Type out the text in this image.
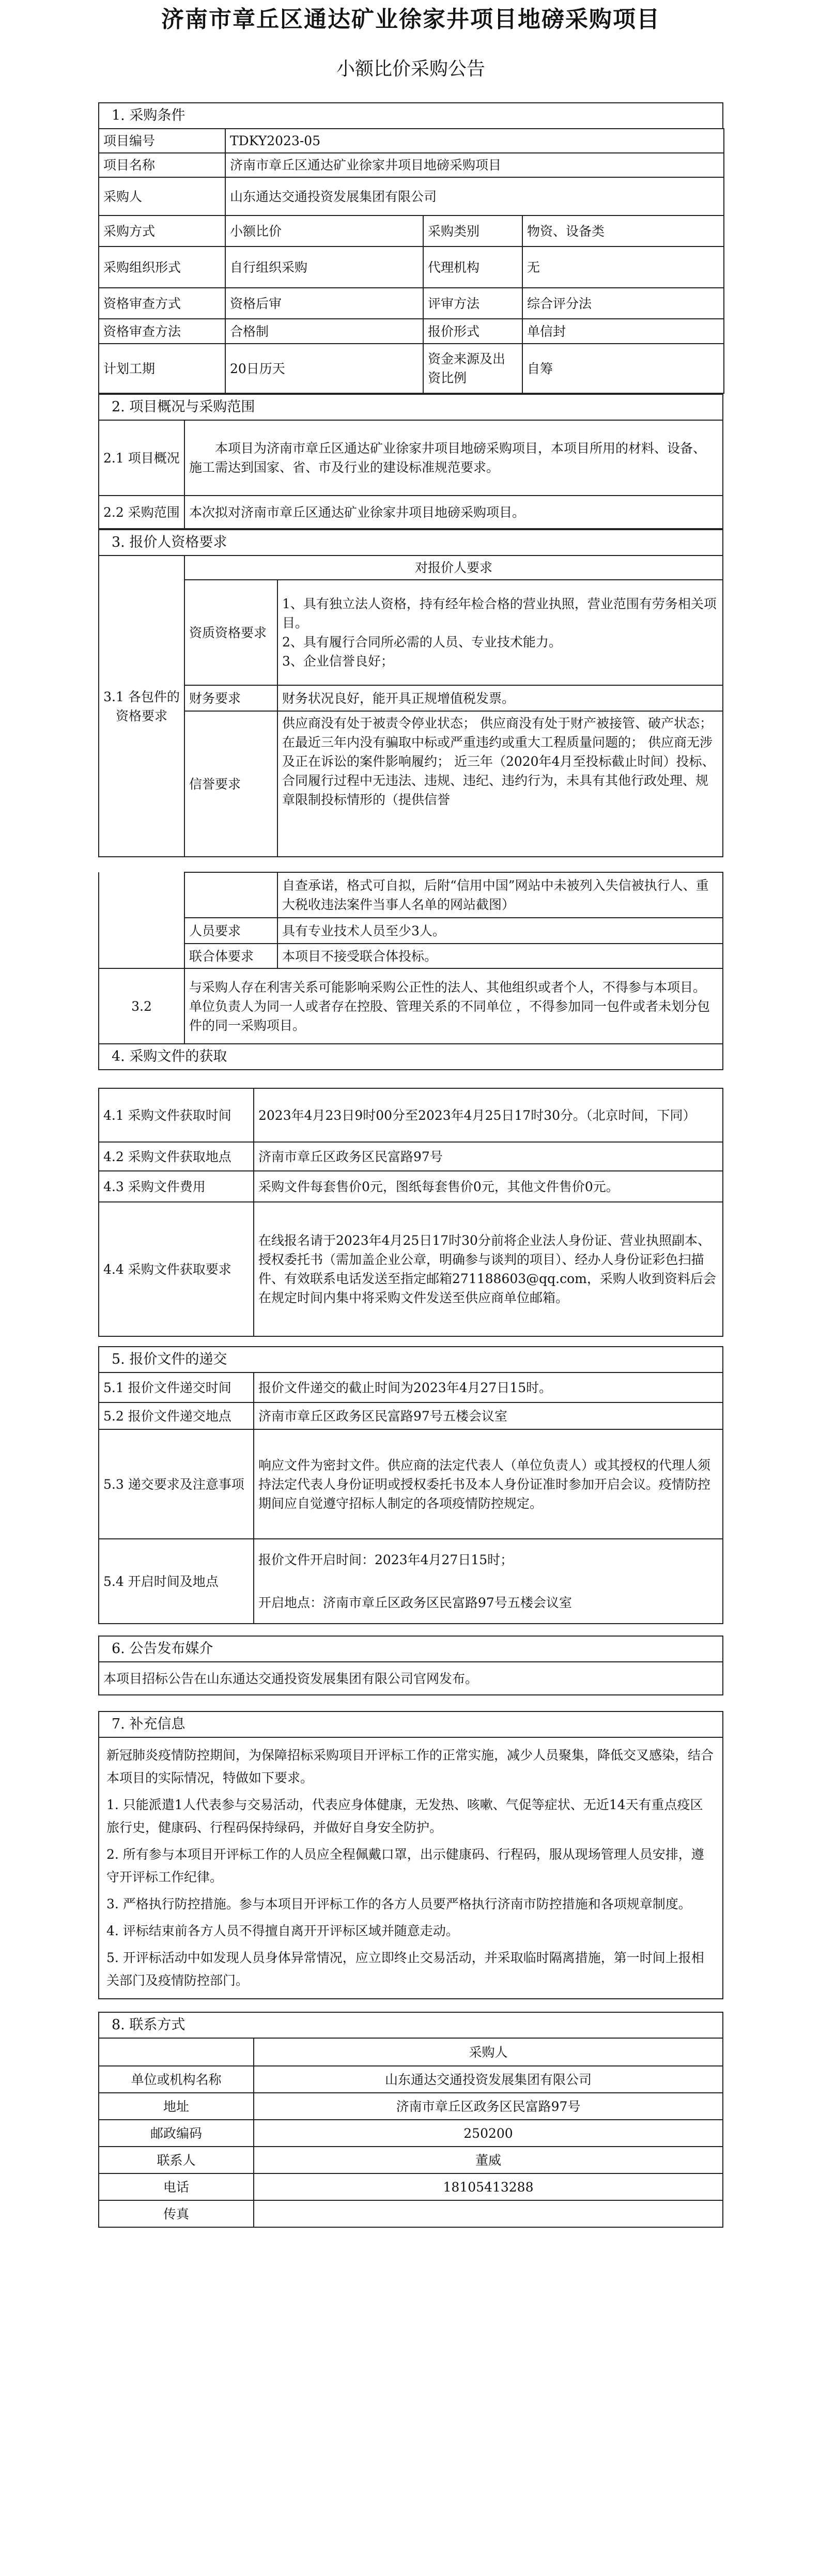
济南市章丘区通达矿业徐家井项目地磅采购项目
小额比价采购公告
1. 采购条件
项目编号	TDKY2023-05		
项目名称	济南市章丘区通达矿业徐家井项目地磅采购项目		
采购人	山东通达交通投资发展集团有限公司		
采购方式	小额比价	采购类别	物资、设备类
采购组织形式	自行组织采购	代理机构	无
资格审查方式	资格后审	评审方法	综合评分法
资格审查方法	合格制	报价形式	单信封
计划工期	20日历天	资金来源及出资比例	自筹
2. 项目概况与采购范围
2.1 项目概况	本项目为济南市章丘区通达矿业徐家井项目地磅采购项目，本项目所用的材料、设备、施工需达到国家、省、市及行业的建设标准规范要求。
2.2 采购范围	本次拟对济南市章丘区通达矿业徐家井项目地磅采购项目。
3. 报价人资格要求
3.1 各包件的资格要求	对报价人要求	
	资质资格要求	1、具有独立法人资格，持有经年检合格的营业执照，营业范围有劳务相关项目。
2、具有履行合同所必需的人员、专业技术能力。
3、企业信誉良好；

	财务要求	财务状况良好，能开具正规增值税发票。
	信誉要求	供应商没有处于被责令停业状态； 供应商没有处于财产被接管、破产状态； 在最近三年内没有骗取中标或严重违约或重大工程质量问题的； 供应商无涉及正在诉讼的案件影响履约； 近三年（2020年4月至投标截止时间）投标、合同履行过程中无违法、违规、违纪、违约行为，未具有其他行政处理、规章限制投标情形的（提供信誉
		自查承诺，格式可自拟，后附“信用中国”网站中未被列入失信被执行人、重大税收违法案件当事人名单的网站截图）
	人员要求	具有专业技术人员至少3人。
	联合体要求	本项目不接受联合体投标。
3.2	与采购人存在利害关系可能影响采购公正性的法人、其他组织或者个人，不得参与本项目。单位负责人为同一人或者存在控股、管理关系的不同单位 ，不得参加同一包件或者未划分包件的同一采购项目。	
4. 采购文件的获取
4.1 采购文件获取时间	2023年4月23日9时00分至2023年4月25日17时30分。（北京时间，下同）
4.2 采购文件获取地点	济南市章丘区政务区民富路97号
4.3 采购文件费用	采购文件每套售价0元，图纸每套售价0元，其他文件售价0元。
4.4 采购文件获取要求	在线报名请于2023年4月25日17时30分前将企业法人身份证、营业执照副本、授权委托书（需加盖企业公章，明确参与谈判的项目）、经办人身份证彩色扫描件、有效联系电话发送至指定邮箱271188603@qq.com，采购人收到资料后会在规定时间内集中将采购文件发送至供应商单位邮箱。
5. 报价文件的递交
5.1 报价文件递交时间	报价文件递交的截止时间为2023年4月27日15时。
5.2 报价文件递交地点	济南市章丘区政务区民富路97号五楼会议室
5.3 递交要求及注意事项	响应文件为密封文件。供应商的法定代表人（单位负责人）或其授权的代理人须持法定代表人身份证明或授权委托书及本人身份证准时参加开启会议。疫情防控期间应自觉遵守招标人制定的各项疫情防控规定。
5.4 开启时间及地点	报价文件开启时间：2023年4月27日15时；
开启地点：济南市章丘区政务区民富路97号五楼会议室
6. 公告发布媒介
本项目招标公告在山东通达交通投资发展集团有限公司官网发布。
7. 补充信息
新冠肺炎疫情防控期间，为保障招标采购项目开评标工作的正常实施，减少人员聚集，降低交叉感染，结合本项目的实际情况，特做如下要求。
1. 只能派遣1人代表参与交易活动，代表应身体健康，无发热、咳嗽、气促等症状、无近14天有重点疫区旅行史，健康码、行程码保持绿码，并做好自身安全防护。
2. 所有参与本项目开评标工作的人员应全程佩戴口罩，出示健康码、行程码，服从现场管理人员安排，遵守开评标工作纪律。
3. 严格执行防控措施。参与本项目开评标工作的各方人员要严格执行济南市防控措施和各项规章制度。
4. 评标结束前各方人员不得擅自离开开评标区域并随意走动。
5. 开评标活动中如发现人员身体异常情况，应立即终止交易活动，并采取临时隔离措施，第一时间上报相关部门及疫情防控部门。
8. 联系方式
	采购人
单位或机构名称	山东通达交通投资发展集团有限公司
地址	济南市章丘区政务区民富路97号
邮政编码	250200
联系人	董威
电话	18105413288
传真	
